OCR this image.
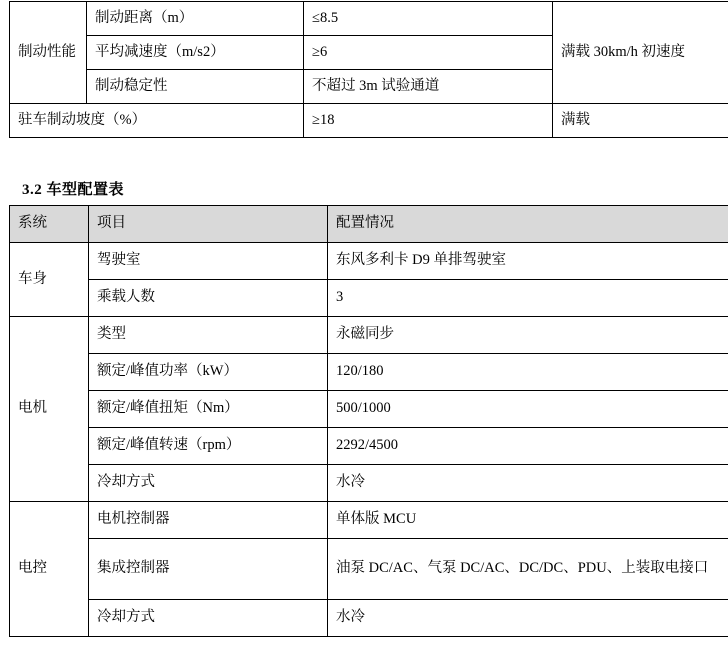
制动性能	制动距离（m）	≤8.5	满载 30km/h 初速度
	平均减速度（m/s2）	≥6	
	制动稳定性	不超过 3m 试验通道	
驻车制动坡度（%）		≥18	满载
3.2 车型配置表
系统	项目	配置情况
车身	驾驶室	东风多利卡 D9 单排驾驶室
	乘载人数	3
电机	类型	永磁同步
	额定/峰值功率（kW）	120/180
	额定/峰值扭矩（Nm）	500/1000
	额定/峰值转速（rpm）	2292/4500
	冷却方式	水冷
电控	电机控制器	单体版 MCU
	集成控制器	油泵 DC/AC、气泵 DC/AC、DC/DC、PDU、上装取电接口
	冷却方式	水冷
